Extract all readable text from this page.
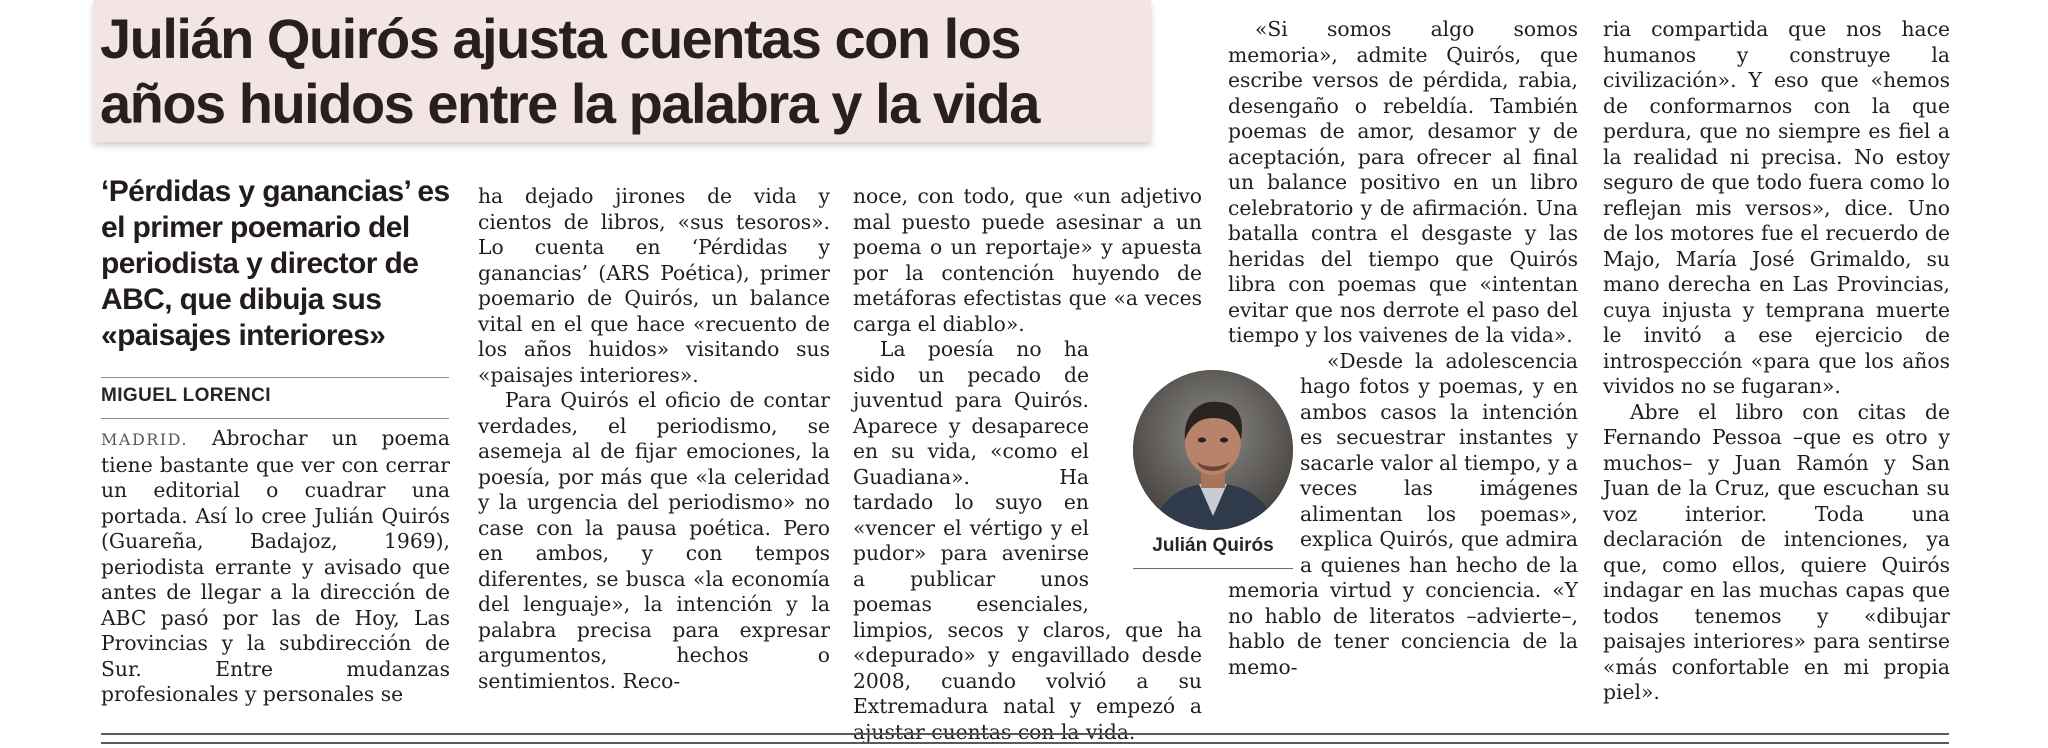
Julián Quirós ajusta cuentas con los años huidos entre la palabra y la vida
‘Pérdidas y ganancias’ es el primer poemario del periodista y director de ABC, que dibuja sus «paisajes interiores»
MIGUEL LORENCI

MADRID. Abrochar un poema tiene bastante que ver con cerrar un editorial o cuadrar una portada. Así lo cree Julián Quirós (Guareña, Badajoz, 1969), periodista errante y avisado que antes de llegar a la dirección de ABC pasó por las de Hoy, Las Provincias y la subdirección de Sur. Entre mudanzas profesionales y personales se

ha dejado jirones de vida y cientos de libros, «sus tesoros». Lo cuenta en ‘Pérdidas y ganancias’ (ARS Poética), primer poemario de Quirós, un balance vital en el que hace «recuento de los años huidos» visitando sus «paisajes interiores».

Para Quirós el oficio de contar verdades, el periodismo, se asemeja al de fijar emociones, la poesía, por más que «la celeridad y la urgencia del periodismo» no case con la pausa poética. Pero en ambos, y con tempos diferentes, se busca «la economía del lenguaje», la intención y la palabra precisa para expresar argumentos, hechos o sentimientos. Reco-

noce, con todo, que «un adjetivo mal puesto puede asesinar a un poema o un reportaje» y apuesta por la contención huyendo de metáforas efectistas que «a veces carga el diablo».

La poesía no ha sido un pecado de juventud para Quirós. Aparece y desaparece en su vida, «como el Guadiana». Ha tardado lo suyo en «vencer el vértigo y el pudor» para avenirse a publicar unos poemas esenciales, limpios, secos y claros, que ha «depurado» y engavillado desde 2008, cuando volvió a su Extremadura natal y empezó a ajustar cuentas con la vida.

«Si somos algo somos memoria», admite Quirós, que escribe versos de pérdida, rabia, desengaño o rebeldía. También poemas de amor, desamor y de aceptación, para ofrecer al final un balance positivo en un libro celebratorio y de afirmación. Una batalla contra el desgaste y las heridas del tiempo que Quirós libra con poemas que «intentan evitar que nos derrote el paso del tiempo y los vaivenes de la vida».

«Desde la adolescencia hago fotos y poemas, y en ambos casos la intención es secuestrar instantes y sacarle valor al tiempo, y a veces las imágenes alimentan los poemas», explica Quirós, que admira a quienes han hecho de la memoria virtud y conciencia. «Y no hablo de literatos –advierte–, hablo de tener conciencia de la memo-

ria compartida que nos hace humanos y construye la civilización». Y eso que «hemos de conformarnos con la que perdura, que no siempre es fiel a la realidad ni precisa. No estoy seguro de que todo fuera como lo reflejan mis versos», dice. Uno de los motores fue el recuerdo de Majo, María José Grimaldo, su mano derecha en Las Provincias, cuya injusta y temprana muerte le invitó a ese ejercicio de introspección «para que los años vividos no se fugaran».

Abre el libro con citas de Fernando Pessoa –que es otro y muchos– y Juan Ramón y San Juan de la Cruz, que escuchan su voz interior. Toda una declaración de intenciones, ya que, como ellos, quiere Quirós indagar en las muchas capas que todos tenemos y «dibujar paisajes interiores» para sentirse «más confortable en mi propia piel».

Julián Quirós
